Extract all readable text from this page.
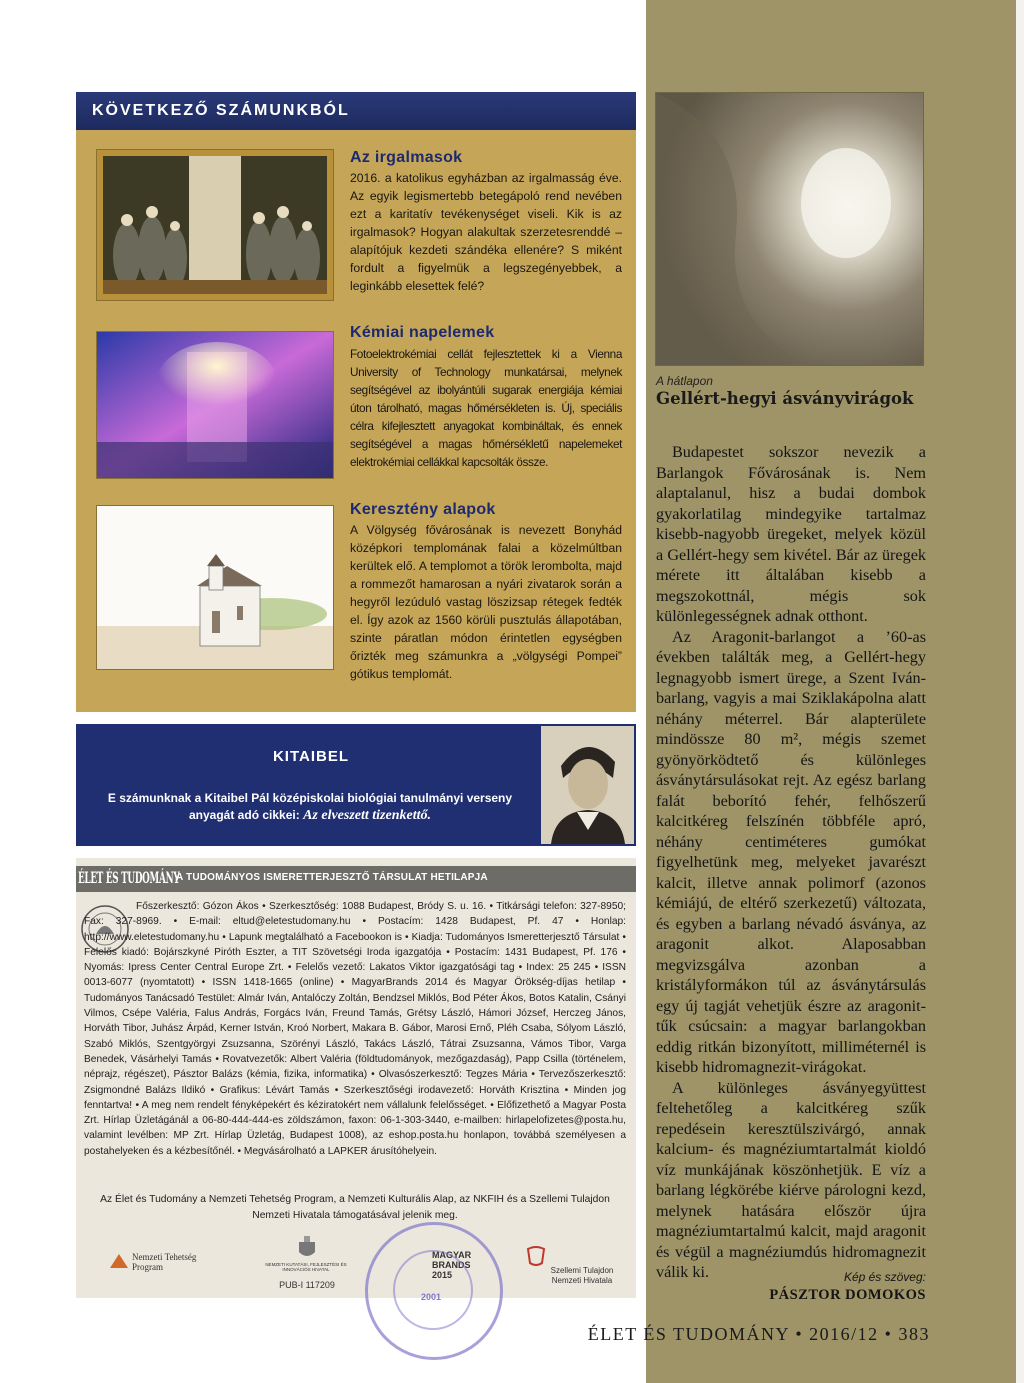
KÖVETKEZŐ SZÁMUNKBÓL
Az irgalmasok
2016. a katolikus egyházban az irgalmasság éve. Az egyik legismertebb betegápoló rend nevében ezt a karitatív tevékenységet viseli. Kik is az irgalmasok? Hogyan alakultak szerzetesrenddé – alapítójuk kezdeti szándéka ellenére? S miként fordult a figyelmük a legszegényebbek, a leginkább elesettek felé?
Kémiai napelemek
Fotoelektrokémiai cellát fejlesztettek ki a Vienna University of Technology munkatársai, melynek segítségével az ibolyántúli sugarak energiája kémiai úton tárolható, magas hőmérsékleten is. Új, speciális célra kifejlesztett anyagokat kombináltak, és ennek segítségével a magas hőmérsékletű napelemeket elektrokémiai cellákkal kapcsolták össze.
Keresztény alapok
A Völgység fővárosának is nevezett Bonyhád középkori templomának falai a közelmúltban kerültek elő. A templomot a török lerombolta, majd a rommezőt hamarosan a nyári zivatarok során a hegyről lezúduló vastag löszizsap rétegek fedték el. Így azok az 1560 körüli pusztulás állapotában, szinte páratlan módon érintetlen egységben őrizték meg számunkra a „völgységi Pompei” gótikus templomát.
KITAIBEL
E számunknak a Kitaibel Pál középiskolai biológiai tanulmányi verseny anyagát adó cikkei: Az elveszett tizenkettő.
ÉLET ÉS TUDOMÁNY
A TUDOMÁNYOS ISMERETTERJESZTŐ TÁRSULAT HETILAPJA
Főszerkesztő: Gózon Ákos • Szerkesztőség: 1088 Budapest, Bródy S. u. 16. • Titkársági telefon: 327-8950; Fax: 327-8969. • E-mail: eltud@eletestudomany.hu • Postacím: 1428 Budapest, Pf. 47 • Honlap: http://www.eletestudomany.hu • Lapunk megtalálható a Facebookon is • Kiadja: Tudományos Ismeretterjesztő Társulat • Felelős kiadó: Bojárszkyné Piróth Eszter, a TIT Szövetségi Iroda igazgatója • Postacím: 1431 Budapest, Pf. 176 • Nyomás: Ipress Center Central Europe Zrt. • Felelős vezető: Lakatos Viktor igazgatósági tag • Index: 25 245 • ISSN 0013-6077 (nyomtatott) • ISSN 1418-1665 (online) • MagyarBrands 2014 és Magyar Örökség-díjas hetilap • Tudományos Tanácsadó Testület: Almár Iván, Antalóczy Zoltán, Bendzsel Miklós, Bod Péter Ákos, Botos Katalin, Csányi Vilmos, Csépe Valéria, Falus András, Forgács Iván, Freund Tamás, Grétsy László, Hámori József, Herczeg János, Horváth Tibor, Juhász Árpád, Kerner István, Kroó Norbert, Makara B. Gábor, Marosi Ernő, Pléh Csaba, Sólyom László, Szabó Miklós, Szentgyörgyi Zsuzsanna, Szörényi László, Takács László, Tátrai Zsuzsanna, Vámos Tibor, Varga Benedek, Vásárhelyi Tamás • Rovatvezetők: Albert Valéria (földtudományok, mezőgazdaság), Papp Csilla (történelem, néprajz, régészet), Pásztor Balázs (kémia, fizika, informatika) • Olvasószerkesztő: Tegzes Mária • Tervezőszerkesztő: Zsigmondné Balázs Ildikó • Grafikus: Lévárt Tamás • Szerkesztőségi irodavezető: Horváth Krisztina • Minden jog fenntartva! • A meg nem rendelt fényképekért és kéziratokért nem vállalunk felelősséget. • Előfizethető a Magyar Posta Zrt. Hírlap Üzletágánál a 06-80-444-444-es zöldszámon, faxon: 06-1-303-3440, e-mailben: hirlapelofizetes@posta.hu, valamint levélben: MP Zrt. Hírlap Üzletág, Budapest 1008), az eshop.posta.hu honlapon, továbbá személyesen a postahelyeken és a kézbesítőnél. • Megvásárolható a LAPKER árusítóhelyein.
Az Élet és Tudomány a Nemzeti Tehetség Program, a Nemzeti Kulturális Alap, az NKFIH és a Szellemi Tulajdon Nemzeti Hivatala támogatásával jelenik meg.
Nemzeti Tehetség Program	NEMZETI KUTATÁSI, FEJLESZTÉSI ÉS INNOVÁCIÓS HIVATAL
PUB-I 117209
MAGYAR BRANDS 2015	Szellemi Tulajdon Nemzeti Hivatala
2001
A hátlapon
Gellért-hegyi ásványvirágok

Budapestet sokszor nevezik a Barlangok Fővárosának is. Nem alaptalanul, hisz a budai dombok gyakorlatilag mindegyike tartalmaz kisebb-nagyobb üregeket, melyek közül a Gellért-hegy sem kivétel. Bár az üregek mérete itt általában kisebb a megszokottnál, mégis sok különlegességnek adnak otthont.

Az Aragonit-barlangot a ’60-as években találták meg, a Gellért-hegy legnagyobb ismert ürege, a Szent Iván-barlang, vagyis a mai Sziklakápolna alatt néhány méterrel. Bár alapterülete mindössze 80 m², mégis szemet gyönyörködtető és különleges ásványtársulásokat rejt. Az egész barlang falát beborító fehér, felhőszerű kalcitkéreg felszínén többféle apró, néhány centiméteres gumókat figyelhetünk meg, melyeket javarészt kalcit, illetve annak polimorf (azonos kémiájú, de eltérő szerkezetű) változata, és egyben a barlang névadó ásványa, az aragonit alkot. Alaposabban megvizsgálva azonban a kristályformákon túl az ásványtársulás egy új tagját vehetjük észre az aragonit-tűk csúcsain: a magyar barlangokban eddig ritkán bizonyított, milliméternél is kisebb hidromagnezit-virágokat.

A különleges ásványegyüttest feltehetőleg a kalcitkéreg szűk repedésein keresztülszivárgó, annak kalcium- és magnéziumtartalmát kioldó víz munkájának köszönhetjük. E víz a barlang légkörébe kiérve párologni kezd, melynek hatására először újra magnéziumtartalmú kalcit, majd aragonit és végül a magnéziumdús hidromagnezit válik ki.	Kép és szöveg:
PÁSZTOR DOMOKOS
ÉLET ÉS TUDOMÁNY • 2016/12 • 383
